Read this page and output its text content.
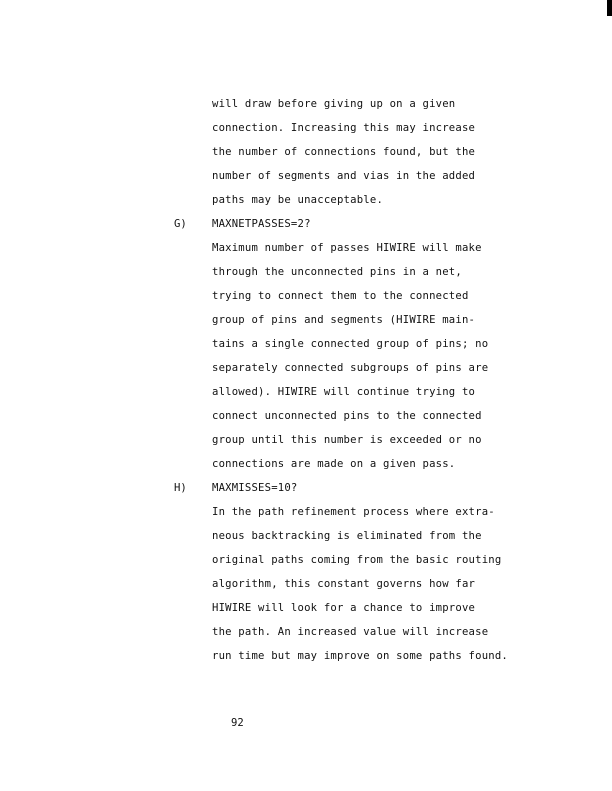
will draw before giving up on a given
connection. Increasing this may increase
the number of connections found, but the
number of segments and vias in the added
paths may be unacceptable.
G) MAXNETPASSES=2?
Maximum number of passes HIWIRE will make
through the unconnected pins in a net,
trying to connect them to the connected
group of pins and segments (HIWIRE main-
tains a single connected group of pins; no
separately connected subgroups of pins are
allowed). HIWIRE will continue trying to
connect unconnected pins to the connected
group until this number is exceeded or no
connections are made on a given pass.
H) MAXMISSES=10?
In the path refinement process where extra-
neous backtracking is eliminated from the
original paths coming from the basic routing
algorithm, this constant governs how far
HIWIRE will look for a chance to improve
the path. An increased value will increase
run time but may improve on some paths found.
92
